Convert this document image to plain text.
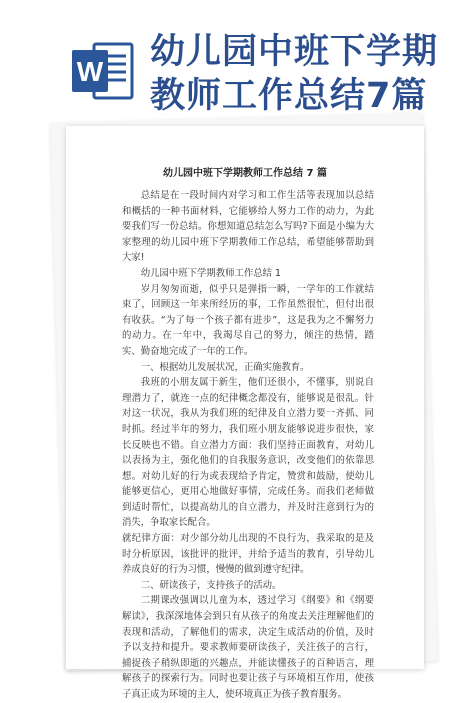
W 幼儿园中班下学期
教师工作总结7篇
幼儿园中班下学期教师工作总结 7 篇

总结是在一段时间内对学习和工作生活等表现加以总结和概括的一种书面材料，它能够给人努力工作的动力，为此要我们写一份总结。你想知道总结怎么写吗?下面是小编为大家整理的幼儿园中班下学期教师工作总结，希望能够帮助到大家!

幼儿园中班下学期教师工作总结 1

岁月匆匆而逝，似乎只是弹指一瞬，一学年的工作就结束了，回顾这一年来所经历的事，工作虽然很忙，但付出很有收获。“为了每一个孩子都有进步”，这是我为之不懈努力的动力。在一年中，我竭尽自己的努力，倾注的热情，踏实、勤奋地完成了一年的工作。

一、根据幼儿发展状况，正确实施教育。

我班的小朋友属于新生，他们还很小，不懂事，别说自理潜力了，就连一点的纪律概念都没有，能够说是很乱。针对这一状况，我从为我们班的纪律及自立潜力要一齐抓、同时抓。经过半年的努力，我们班小朋友能够说进步很快，家长反映也不错。自立潜力方面：我们坚持正面教育，对幼儿以表扬为主，强化他们的自我服务意识，改变他们的依靠思想。对幼儿好的行为或表现给予肯定，赞赏和鼓励，使幼儿能够更信心，更用心地做好事情，完成任务。而我们老师做到适时帮忙，以提高幼儿的自立潜力，并及时注意到行为的消失，争取家长配合。

就纪律方面：对少部分幼儿出现的不良行为，我采取的是及时分析原因，该批评的批评，并给予适当的教育，引导幼儿养成良好的行为习惯，慢慢的做到遵守纪律。

二、研读孩子，支持孩子的活动。

二期课改强调以儿童为本，透过学习《纲要》和《纲要解读》，我深深地体会到只有从孩子的角度去关注理解他们的表现和活动，了解他们的需求，决定生成活动的价值，及时予以支持和提升。要求教师要研读孩子，关注孩子的言行，捕捉孩子稍纵即逝的兴趣点，并能读懂孩子的百种语言，理解孩子的探索行为。同时也要让孩子与环境相互作用，使孩子真正成为环境的主人，使环境真正为孩子教育服务。
